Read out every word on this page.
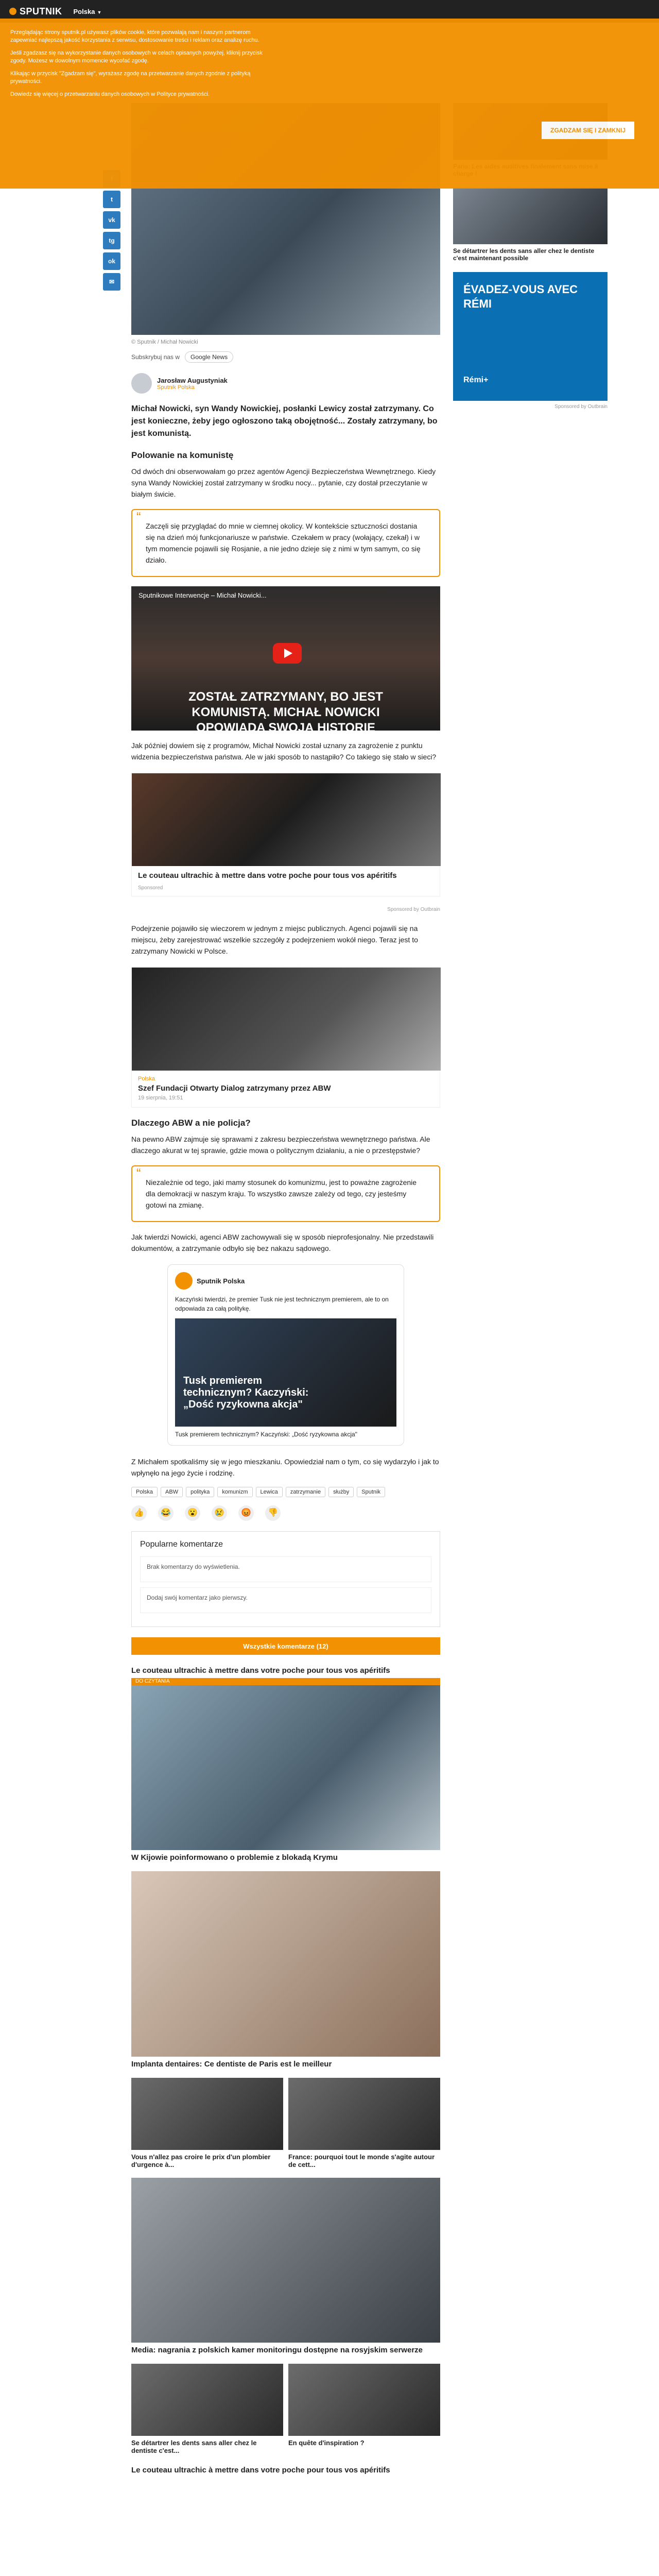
SPUTNIK Polska ▼
© Sputnik / Michał Nowicki
Subskrybuj nas w	Google News
Jarosław Augustyniak
Sputnik Polska
Michał Nowicki, syn Wandy Nowickiej, posłanki Lewicy został zatrzymany. Co jest konieczne, żeby jego ogłoszono taką obojętność... Zostały zatrzymany, bo jest komunistą.
Polowanie na komunistę

Od dwóch dni obserwowałam go przez agentów Agencji Bezpieczeństwa Wewnętrznego. Kiedy syna Wandy Nowickiej został zatrzymany w środku nocy... pytanie, czy dostał przeczytanie w białym świcie.

“ Zaczęli się przyglądać do mnie w ciemnej okolicy. W kontekście sztuczności dostania się na dzień mój funkcjonariusze w państwie. Czekałem w pracy (wołający, czekał) i w tym momencie pojawili się Rosjanie, a nie jedno dzieje się z nimi w tym samym, co się działo.
Sputnikowe Interwencje – Michał Nowicki...
ZOSTAŁ ZATRZYMANY, BO JEST KOMUNISTĄ. MICHAŁ NOWICKI OPOWIADA SWOJĄ HISTORIĘ

Jak później dowiem się z programów, Michał Nowicki został uznany za zagrożenie z punktu widzenia bezpieczeństwa państwa. Ale w jaki sposób to nastąpiło? Co takiego się stało w sieci?

Le couteau ultrachic à mettre dans votre poche pour tous vos apéritifs
Sponsored
Sponsored by Outbrain

Podejrzenie pojawiło się wieczorem w jednym z miejsc publicznych. Agenci pojawili się na miejscu, żeby zarejestrować wszelkie szczegóły z podejrzeniem wokół niego. Teraz jest to zatrzymany Nowicki w Polsce.

Polska
Szef Fundacji Otwarty Dialog zatrzymany przez ABW
19 sierpnia, 19:51
Dlaczego ABW a nie policja?

Na pewno ABW zajmuje się sprawami z zakresu bezpieczeństwa wewnętrznego państwa. Ale dlaczego akurat w tej sprawie, gdzie mowa o politycznym działaniu, a nie o przestępstwie?

“ Niezależnie od tego, jaki mamy stosunek do komunizmu, jest to poważne zagrożenie dla demokracji w naszym kraju. To wszystko zawsze zależy od tego, czy jesteśmy gotowi na zmianę.

Jak twierdzi Nowicki, agenci ABW zachowywali się w sposób nieprofesjonalny. Nie przedstawili dokumentów, a zatrzymanie odbyło się bez nakazu sądowego.

Sputnik Polska
Kaczyński twierdzi, że premier Tusk nie jest technicznym premierem, ale to on odpowiada za całą politykę.
Tusk premierem technicznym? Kaczyński: „Dość ryzykowna akcja"
Tusk premierem technicznym? Kaczyński: „Dość ryzykowna akcja"

Z Michałem spotkaliśmy się w jego mieszkaniu. Opowiedział nam o tym, co się wydarzyło i jak to wpłynęło na jego życie i rodzinę.

Polska	ABW	polityka	komunizm	Lewica	zatrzymanie	służby	Sputnik
👍	😂	😮	😢	😡	👎
Popularne komentarze
Brak komentarzy do wyświetlenia.
Dodaj swój komentarz jako pierwszy.
Wszystkie komentarze (12)
Le couteau ultrachic à mettre dans votre poche pour tous vos apéritifs
DO CZYTANIA
W Kijowie poinformowano o problemie z blokadą Krymu
Implanta dentaires: Ce dentiste de Paris est le meilleur
Vous n'allez pas croire le prix d'un plombier d'urgence à...
France: pourquoi tout le monde s'agite autour de cett...
Media: nagrania z polskich kamer monitoringu dostępne na rosyjskim serwerze
Se détartrer les dents sans aller chez le dentiste c'est...
En quête d'inspiration ?
Le couteau ultrachic à mettre dans votre poche pour tous vos apéritifs
Se détartrer les dents sans aller chez le dentiste c'est maintenant possible
ÉVADEZ-VOUS AVEC RÉMI
Rémi+
Sponsored by Outbrain
t
vk
tg
ok
✉

Przeglądając strony sputnik.pl używasz plików cookie, które pozwalają nam i naszym partnerom zapewniać najlepszą jakość korzystania z serwisu, dostosowanie treści i reklam oraz analizę ruchu.

Jeśli zgadzasz się na wykorzystanie danych osobowych w celach opisanych powyżej, kliknij przycisk zgody. Możesz w dowolnym momencie wycofać zgodę.

Klikając w przycisk "Zgadzam się", wyrażasz zgodę na przetwarzanie danych zgodnie z polityką prywatności.

Dowiedz się więcej o przetwarzaniu danych osobowych w Polityce prywatności.

ZGADZAM SIĘ I ZAMKNIJ
